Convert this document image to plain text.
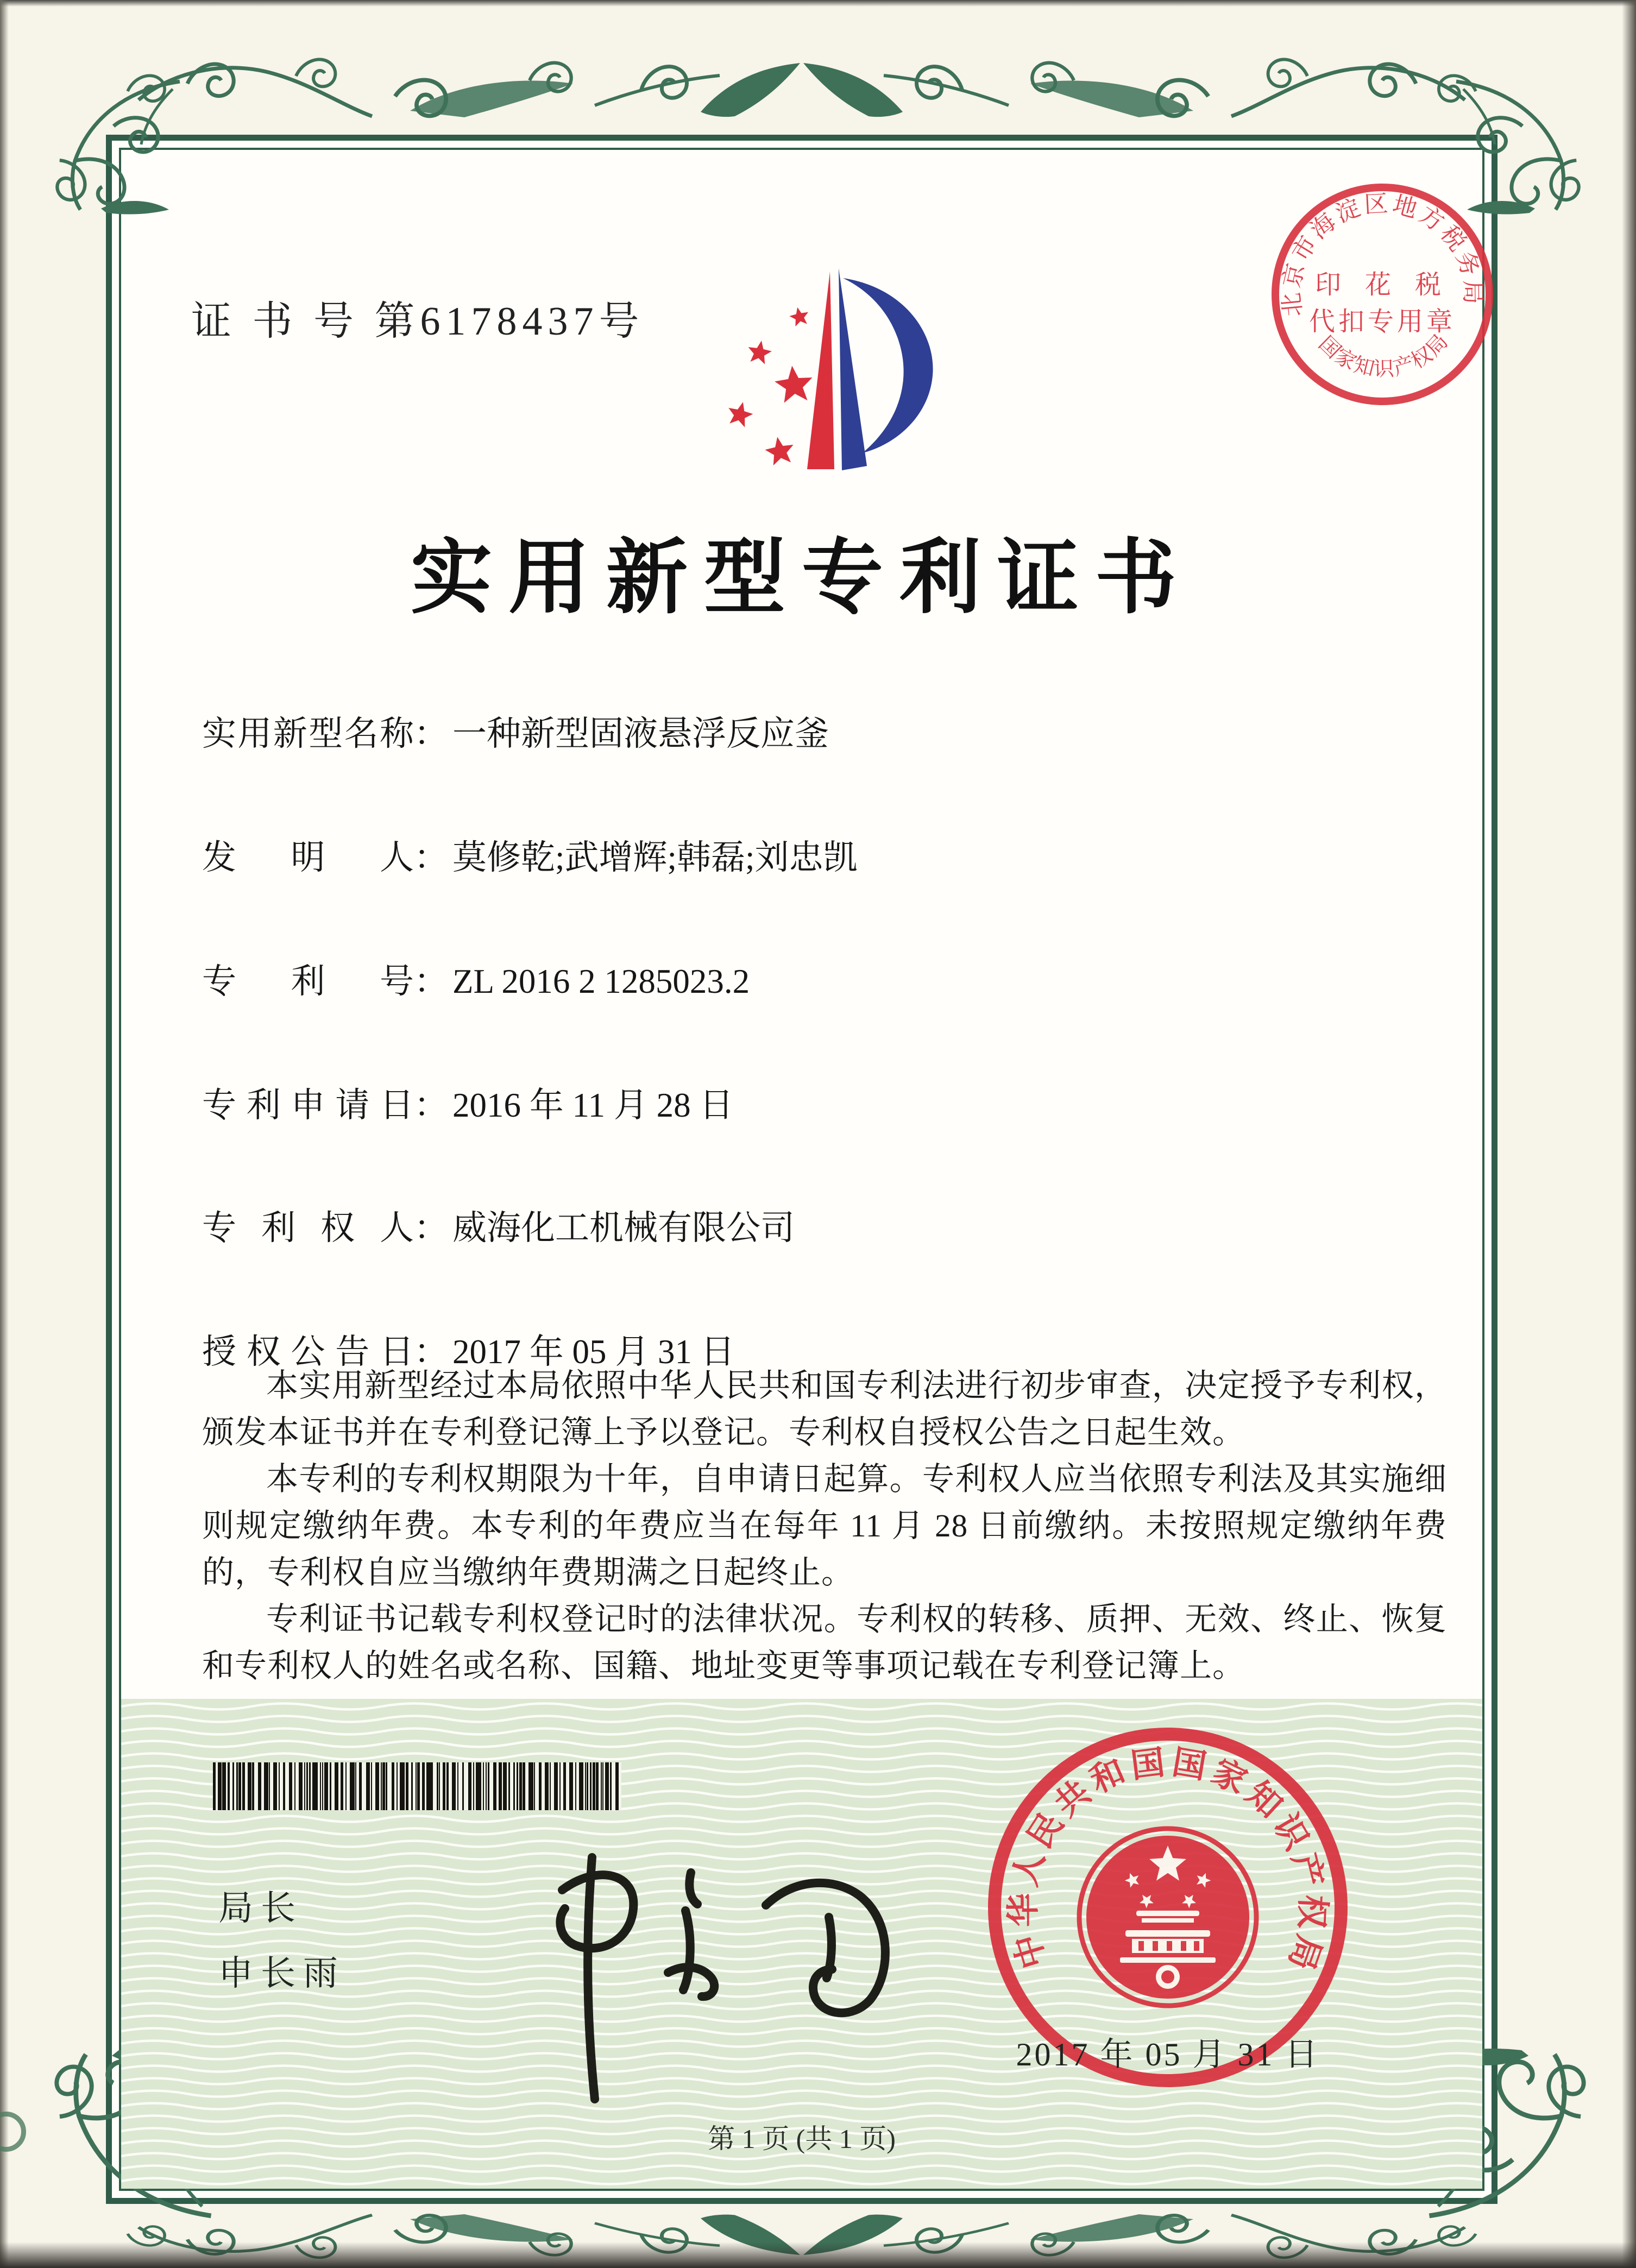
证 书 号 第6178437号	北京市海淀区地方税务局
印 花 税
代扣专用章
国家知识产权局
实用新型专利证书
实用新型名称： 一种新型固液悬浮反应釜
发明人： 莫修乾;武增辉;韩磊;刘忠凯
专利号： ZL 2016 2 1285023.2
专利申请日： 2016 年 11 月 28 日
专利权人： 威海化工机械有限公司
授权公告日： 2017 年 05 月 31 日

本实用新型经过本局依照中华人民共和国专利法进行初步审查，决定授予专利权，颁发本证书并在专利登记簿上予以登记。专利权自授权公告之日起生效。

本专利的专利权期限为十年，自申请日起算。专利权人应当依照专利法及其实施细则规定缴纳年费。本专利的年费应当在每年 11 月 28 日前缴纳。未按照规定缴纳年费的，专利权自应当缴纳年费期满之日起终止。

专利证书记载专利权登记时的法律状况。专利权的转移、质押、无效、终止、恢复和专利权人的姓名或名称、国籍、地址变更等事项记载在专利登记簿上。

局长
申长雨
中华人民共和国国家知识产权局
2017 年 05 月 31 日
第 1 页 (共 1 页)
